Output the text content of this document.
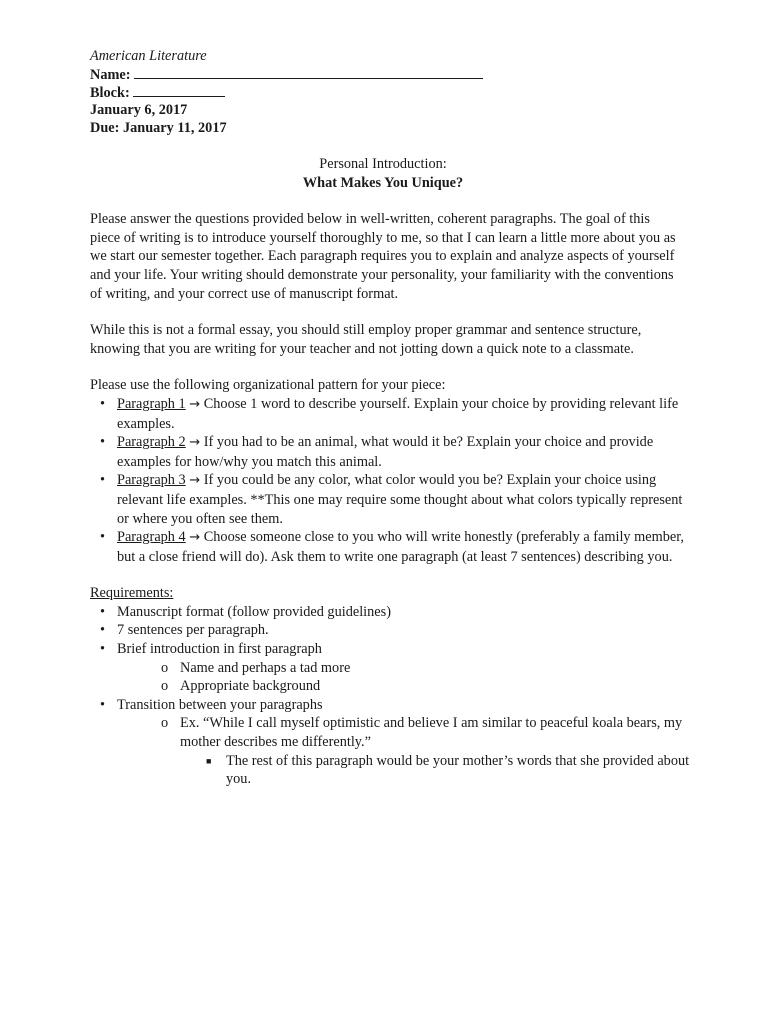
American Literature
Name:
Block:
January 6, 2017
Due: January 11, 2017
Personal Introduction:
What Makes You Unique?

Please answer the questions provided below in well-written, coherent paragraphs. The goal of this piece of writing is to introduce yourself thoroughly to me, so that I can learn a little more about you as we start our semester together. Each paragraph requires you to explain and analyze aspects of yourself and your life. Your writing should demonstrate your personality, your familiarity with the conventions of writing, and your correct use of manuscript format.

While this is not a formal essay, you should still employ proper grammar and sentence structure, knowing that you are writing for your teacher and not jotting down a quick note to a classmate.

Please use the following organizational pattern for your piece:
• Paragraph 1 → Choose 1 word to describe yourself. Explain your choice by providing relevant life examples.
• Paragraph 2 → If you had to be an animal, what would it be? Explain your choice and provide examples for how/why you match this animal.
• Paragraph 3 → If you could be any color, what color would you be? Explain your choice using relevant life examples. **This one may require some thought about what colors typically represent or where you often see them.
• Paragraph 4 → Choose someone close to you who will write honestly (preferably a family member, but a close friend will do). Ask them to write one paragraph (at least 7 sentences) describing you.
Requirements:
• Manuscript format (follow provided guidelines)
• 7 sentences per paragraph.
• Brief introduction in first paragraph
o Name and perhaps a tad more
o Appropriate background
• Transition between your paragraphs
o Ex. “While I call myself optimistic and believe I am similar to peaceful koala bears, my mother describes me differently.”
■ The rest of this paragraph would be your mother’s words that she provided about you.
